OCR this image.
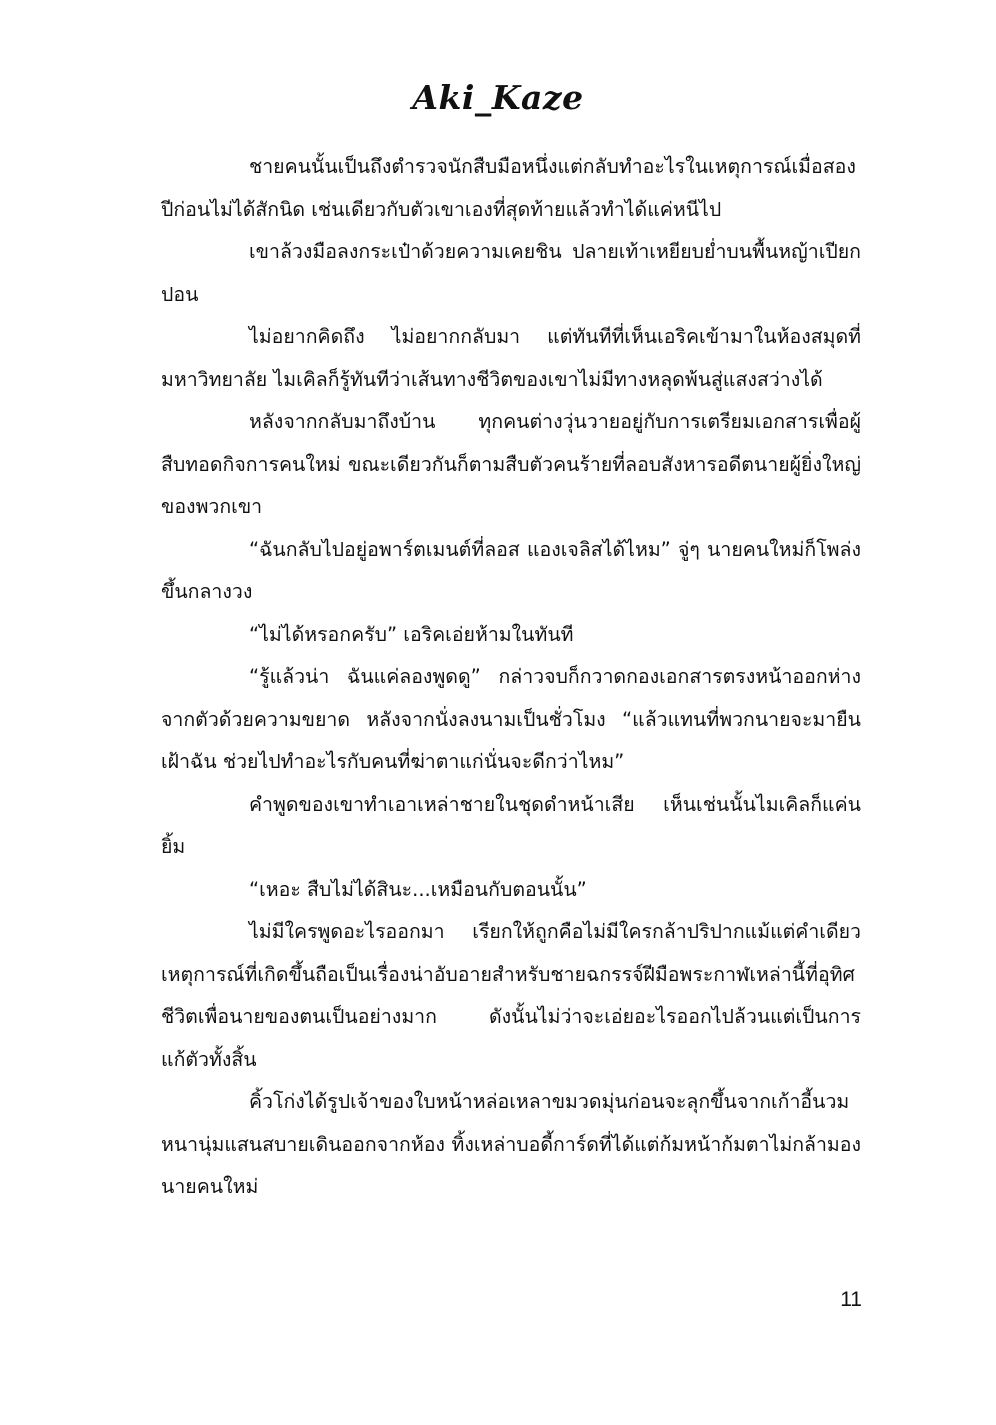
Aki_Kaze

ชายคนนั้นเป็นถึงตำรวจนักสืบมือหนึ่งแต่กลับทำอะไรในเหตุการณ์เมื่อสองปีก่อนไม่ได้สักนิด เช่นเดียวกับตัวเขาเองที่สุดท้ายแล้วทำได้แค่หนีไป

เขาล้วงมือลงกระเป๋าด้วยความเคยชิน ปลายเท้าเหยียบย่ำบนพื้นหญ้าเปียกปอน

ไม่อยากคิดถึง ไม่อยากกลับมา แต่ทันทีที่เห็นเอริคเข้ามาในห้องสมุดที่มหาวิทยาลัย ไมเคิลก็รู้ทันทีว่าเส้นทางชีวิตของเขาไม่มีทางหลุดพ้นสู่แสงสว่างได้

หลังจากกลับมาถึงบ้าน ทุกคนต่างวุ่นวายอยู่กับการเตรียมเอกสารเพื่อผู้สืบทอดกิจการคนใหม่ ขณะเดียวกันก็ตามสืบตัวคนร้ายที่ลอบสังหารอดีตนายผู้ยิ่งใหญ่ของพวกเขา

“ฉันกลับไปอยู่อพาร์ตเมนต์ที่ลอส แองเจลิสได้ไหม” จู่ๆ นายคนใหม่ก็โพล่งขึ้นกลางวง

“ไม่ได้หรอกครับ” เอริคเอ่ยห้ามในทันที

“รู้แล้วน่า ฉันแค่ลองพูดดู” กล่าวจบก็กวาดกองเอกสารตรงหน้าออกห่างจากตัวด้วยความขยาด หลังจากนั่งลงนามเป็นชั่วโมง “แล้วแทนที่พวกนายจะมายืนเฝ้าฉัน ช่วยไปทำอะไรกับคนที่ฆ่าตาแก่นั่นจะดีกว่าไหม”

คำพูดของเขาทำเอาเหล่าชายในชุดดำหน้าเสีย เห็นเช่นนั้นไมเคิลก็แค่นยิ้ม

“เหอะ สืบไม่ได้สินะ...เหมือนกับตอนนั้น”

ไม่มีใครพูดอะไรออกมา เรียกให้ถูกคือไม่มีใครกล้าปริปากแม้แต่คำเดียว เหตุการณ์ที่เกิดขึ้นถือเป็นเรื่องน่าอับอายสำหรับชายฉกรรจ์ฝีมือพระกาฬเหล่านี้ที่อุทิศชีวิตเพื่อนายของตนเป็นอย่างมาก ดังนั้นไม่ว่าจะเอ่ยอะไรออกไปล้วนแต่เป็นการแก้ตัวทั้งสิ้น

คิ้วโก่งได้รูปเจ้าของใบหน้าหล่อเหลาขมวดมุ่นก่อนจะลุกขึ้นจากเก้าอี้นวมหนานุ่มแสนสบายเดินออกจากห้อง ทิ้งเหล่าบอดี้การ์ดที่ได้แต่ก้มหน้าก้มตาไม่กล้ามองนายคนใหม่

11
